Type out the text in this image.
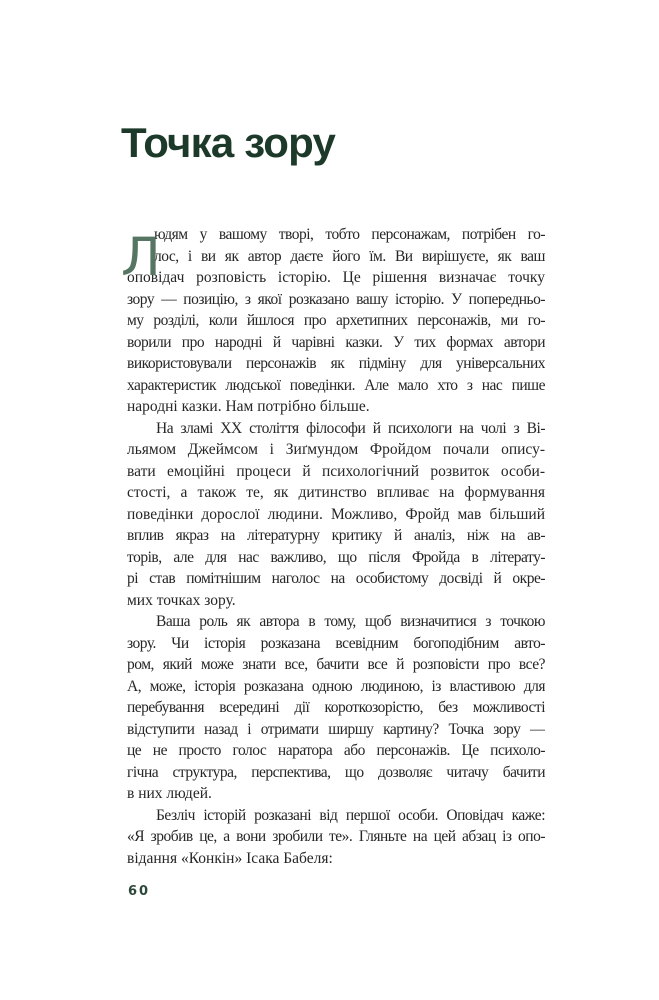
Точка зору
Л
юдям у вашому творі, тобто персонажам, потрібен го-
лос, і ви як автор даєте його їм. Ви вирішуєте, як ваш
оповідач розповість історію. Це рішення визначає точку
зору — позицію, з якої розказано вашу історію. У попередньо-
му розділі, коли йшлося про архетипних персонажів, ми го-
ворили про народні й чарівні казки. У тих формах автори
використовували персонажів як підміну для універсальних
характеристик людської поведінки. Але мало хто з нас пише
народні казки. Нам потрібно більше.
На зламі XX століття філософи й психологи на чолі з Ві-
льямом Джеймсом і Зиґмундом Фройдом почали опису-
вати емоційні процеси й психологічний розвиток особи-
стості, а також те, як дитинство впливає на формування
поведінки дорослої людини. Можливо, Фройд мав більший
вплив якраз на літературну критику й аналіз, ніж на ав-
торів, але для нас важливо, що після Фройда в літерату-
рі став помітнішим наголос на особистому досвіді й окре-
мих точках зору.
Ваша роль як автора в тому, щоб визначитися з точкою
зору. Чи історія розказана всевідним богоподібним авто-
ром, який може знати все, бачити все й розповісти про все?
А, може, історія розказана одною людиною, із властивою для
перебування всередині дії короткозорістю, без можливості
відступити назад і отримати ширшу картину? Точка зору —
це не просто голос наратора або персонажів. Це психоло-
гічна структура, перспектива, що дозволяє читачу бачити
в них людей.
Безліч історій розказані від першої особи. Оповідач каже:
«Я зробив це, а вони зробили те». Гляньте на цей абзац із опо-
відання «Конкін» Ісака Бабеля:
60
